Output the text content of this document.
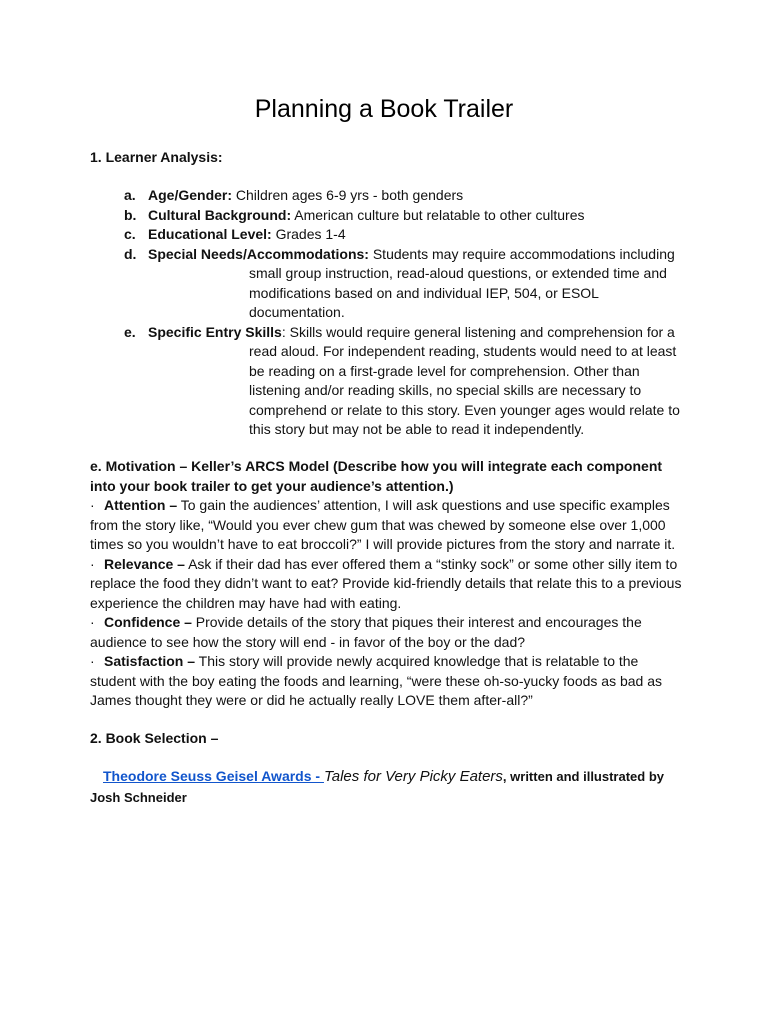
Planning a Book Trailer
1. Learner Analysis:
a. Age/Gender: Children ages 6-9 yrs - both genders
b. Cultural Background: American culture but relatable to other cultures
c. Educational Level: Grades 1-4
d. Special Needs/Accommodations: Students may require accommodations including
small group instruction, read-aloud questions, or extended time and
modifications based on and individual IEP, 504, or ESOL
documentation.
e. Specific Entry Skills: Skills would require general listening and comprehension for a
read aloud. For independent reading, students would need to at least
be reading on a first-grade level for comprehension. Other than
listening and/or reading skills, no special skills are necessary to
comprehend or relate to this story. Even younger ages would relate to
this story but may not be able to read it independently.
e. Motivation – Keller’s ARCS Model (Describe how you will integrate each component
into your book trailer to get your audience’s attention.)
· Attention – To gain the audiences’ attention, I will ask questions and use specific examples
from the story like, “Would you ever chew gum that was chewed by someone else over 1,000
times so you wouldn’t have to eat broccoli?” I will provide pictures from the story and narrate it.
· Relevance – Ask if their dad has ever offered them a “stinky sock” or some other silly item to
replace the food they didn’t want to eat? Provide kid-friendly details that relate this to a previous
experience the children may have had with eating.
· Confidence – Provide details of the story that piques their interest and encourages the
audience to see how the story will end - in favor of the boy or the dad?
· Satisfaction – This story will provide newly acquired knowledge that is relatable to the
student with the boy eating the foods and learning, “were these oh-so-yucky foods as bad as
James thought they were or did he actually really LOVE them after-all?”
2. Book Selection –
Theodore Seuss Geisel Awards - Tales for Very Picky Eaters, written and illustrated by
Josh Schneider
